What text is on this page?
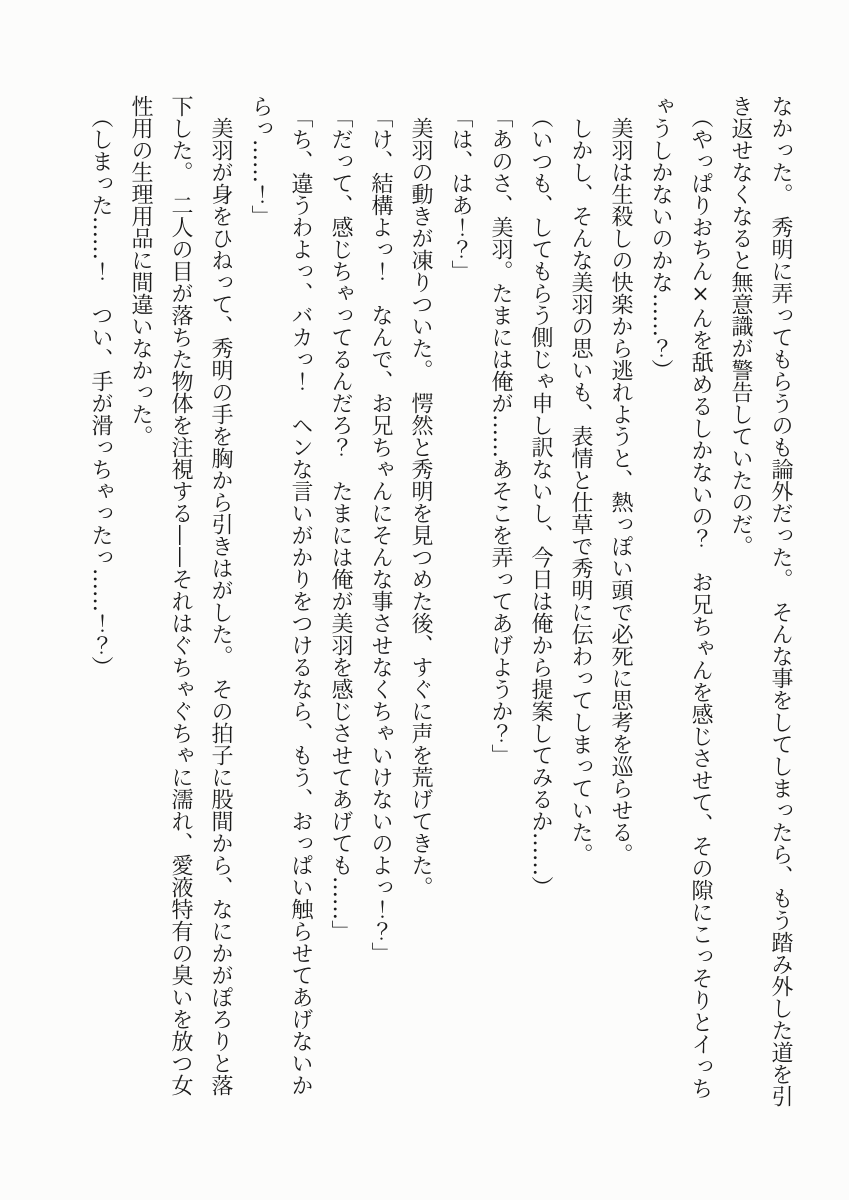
なかった。　秀明に弄ってもらうのも論外だった。　そんな事をしてしまったら、もう踏み外した道を引き返せなくなると無意識が警告していたのだ。

（やっぱりおちん×んを舐めるしかないの？　お兄ちゃんを感じさせて、その隙にこっそりとイっちゃうしかないのかな……？）

　美羽は生殺しの快楽から逃れようと、熱っぽい頭で必死に思考を巡らせる。

　しかし、そんな美羽の思いも、表情と仕草で秀明に伝わってしまっていた。

（いつも、してもらう側じゃ申し訳ないし、今日は俺から提案してみるか……）

「あのさ、美羽。たまには俺が……あそこを弄ってあげようか？」

「は、はあ！？」

　美羽の動きが凍りついた。　愕然と秀明を見つめた後、すぐに声を荒げてきた。

「け、結構よっ！　なんで、お兄ちゃんにそんな事させなくちゃいけないのよっ！？」

「だって、感じちゃってるんだろ？　たまには俺が美羽を感じさせてあげても……」

「ち、違うわよっ、バカっ！　ヘンな言いがかりをつけるなら、もう、おっぱい触らせてあげないからっ……！」

　美羽が身をひねって、秀明の手を胸から引きはがした。　その拍子に股間から、なにかがぽろりと落下した。　二人の目が落ちた物体を注視する——それはぐちゃぐちゃに濡れ、愛液特有の臭いを放つ女性用の生理用品に間違いなかった。

（しまった……！　つい、手が滑っちゃったっ……！？）
